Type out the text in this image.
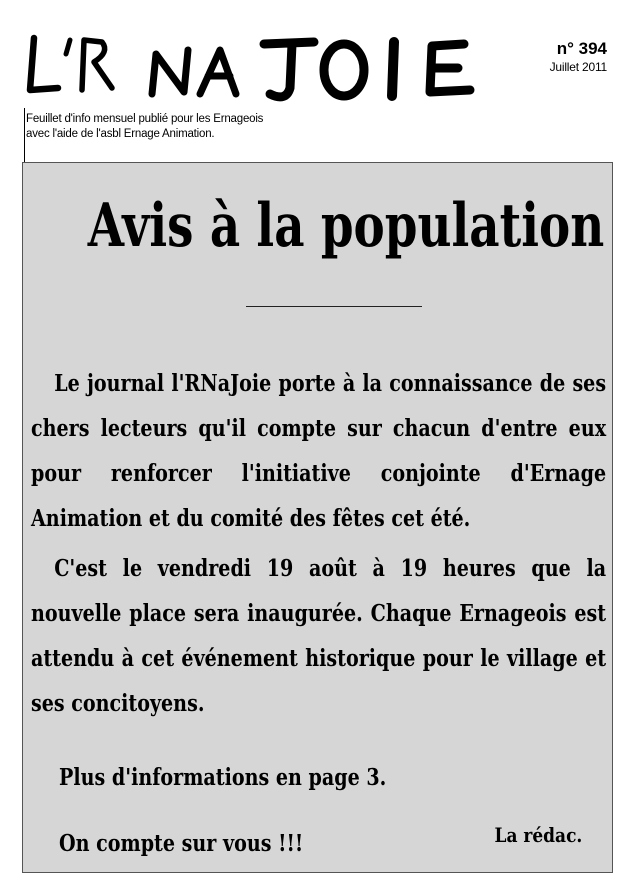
n° 394
Juillet 2011
Feuillet d'info mensuel publié pour les Ernageois
avec l'aide de l'asbl Ernage Animation.
Avis à la population

Le journal l'RNaJoie porte à la connaissance de ses chers lecteurs qu'il compte sur chacun d'entre eux pour renforcer l'initiative conjointe d'Ernage Animation et du comité des fêtes cet été.

C'est le vendredi 19 août à 19 heures que la nouvelle place sera inaugurée. Chaque Ernageois est attendu à cet événement historique pour le village et ses concitoyens.

Plus d'informations en page 3.
On compte sur vous !!!	La rédac.
